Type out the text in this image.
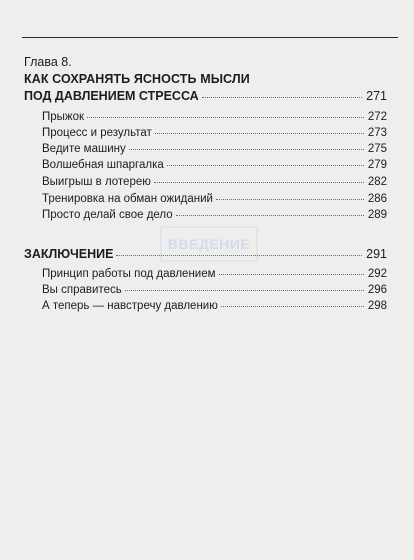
Глава 8.
КАК СОХРАНЯТЬ ЯСНОСТЬ МЫСЛИ
ПОД ДАВЛЕНИЕМ СТРЕССА	271
Прыжок	272
Процесс и результат	273
Ведите машину	275
Волшебная шпаргалка	279
Выигрыш в лотерею	282
Тренировка на обман ожиданий	286
Просто делай свое дело	289
ВВЕДЕНИЕ
ЗАКЛЮЧЕНИЕ	291
Принцип работы под давлением	292
Вы справитесь	296
А теперь — навстречу давлению	298
